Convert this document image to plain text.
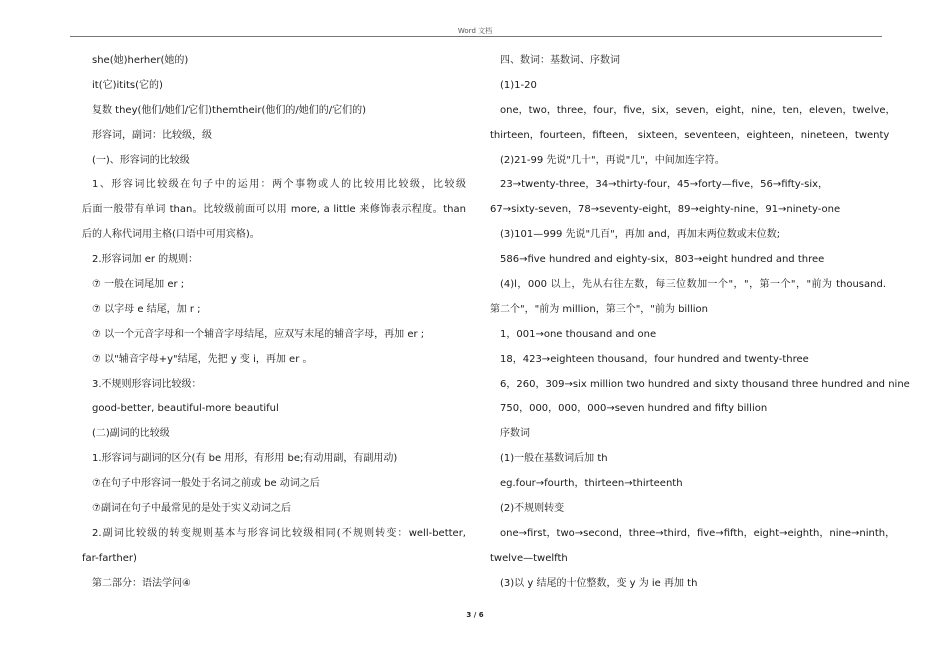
Word 文档
she(她)herher(她的)
it(它)itits(它的)
复数 they(他们/她们/它们)themtheir(他们的/她们的/它们的)
形容词，副词：比较级，级
(一)、形容词的比较级
1、形容词比较级在句子中的运用：两个事物或人的比较用比较级，比较级
后面一般带有单词 than。比较级前面可以用 more, a little 来修饰表示程度。than
后的人称代词用主格(口语中可用宾格)。
2.形容词加 er 的规则：
⑦ 一般在词尾加 er ;
⑦ 以字母 e 结尾，加 r ;
⑦ 以一个元音字母和一个辅音字母结尾，应双写末尾的辅音字母，再加 er ;
⑦ 以"辅音字母+y"结尾，先把 y 变 i，再加 er 。
3.不规则形容词比较级：
good-better, beautiful-more beautiful
(二)副词的比较级
1.形容词与副词的区分(有 be 用形，有形用 be;有动用副，有副用动)
⑦在句子中形容词一般处于名词之前或 be 动词之后
⑦副词在句子中最常见的是处于实义动词之后
2.副词比较级的转变规则基本与形容词比较级相同(不规则转变：well-better,
far-farther)
第二部分：语法学问④
四、数词：基数词、序数词
(1)1-20
one，two，three，four，five，six，seven，eight，nine，ten，eleven，twelve，
thirteen，fourteen，fifteen， sixteen，seventeen，eighteen，nineteen，twenty
(2)21-99 先说"几十"，再说"几"，中间加连字符。
23→twenty-three，34→thirty-four，45→forty—five，56→fifty-six，
67→sixty-seven，78→seventy-eight，89→eighty-nine，91→ninety-one
(3)101—999 先说"几百"，再加 and，再加末两位数或末位数;
586→five hundred and eighty-six，803→eight hundred and three
(4)l，000 以上，先从右往左数，每三位数加一个"，"，第一个"，"前为 thousand.
第二个"，"前为 million，第三个"，"前为 billion
1，001→one thousand and one
18，423→eighteen thousand，four hundred and twenty-three
6，260，309→six million two hundred and sixty thousand three hundred and nine
750，000，000，000→seven hundred and fifty billion
序数词
(1)一般在基数词后加 th
eg.four→fourth，thirteen→thirteenth
(2)不规则转变
one→first，two→second，three→third，five→fifth，eight→eighth，nine→ninth，
twelve—twelfth
(3)以 y 结尾的十位整数，变 y 为 ie 再加 th
3 / 6
